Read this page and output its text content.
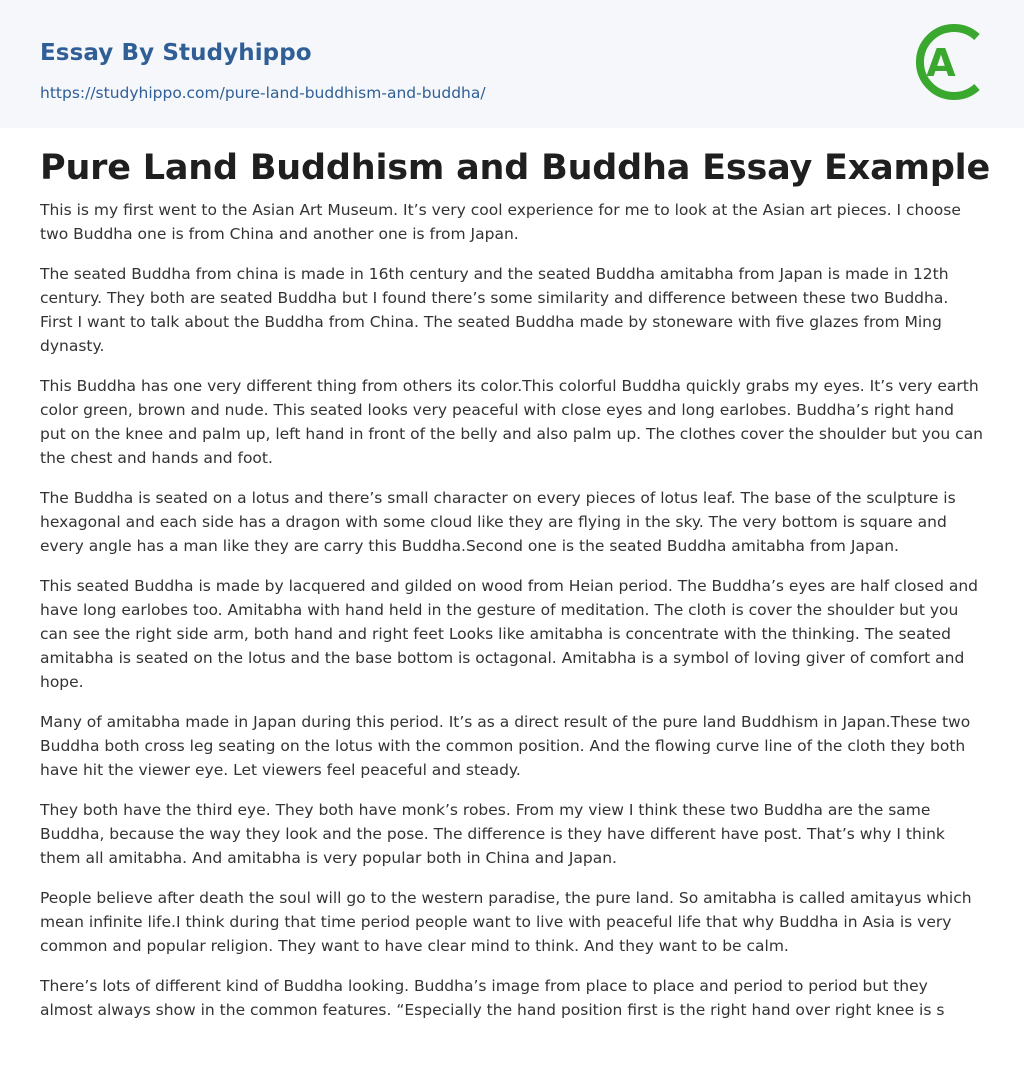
Essay By Studyhippo
https://studyhippo.com/pure-land-buddhism-and-buddha/
A
Pure Land Buddhism and Buddha Essay Example

This is my first went to the Asian Art Museum. It’s very cool experience for me to look at the Asian art pieces. I choose two Buddha one is from China and another one is from Japan.

The seated Buddha from china is made in 16th century and the seated Buddha amitabha from Japan is made in 12th century. They both are seated Buddha but I found there’s some similarity and difference between these two Buddha. First I want to talk about the Buddha from China. The seated Buddha made by stoneware with five glazes from Ming dynasty.

This Buddha has one very different thing from others its color.This colorful Buddha quickly grabs my eyes. It’s very earth color green, brown and nude. This seated looks very peaceful with close eyes and long earlobes. Buddha’s right hand put on the knee and palm up, left hand in front of the belly and also palm up. The clothes cover the shoulder but you can the chest and hands and foot.

The Buddha is seated on a lotus and there’s small character on every pieces of lotus leaf. The base of the sculpture is hexagonal and each side has a dragon with some cloud like they are flying in the sky. The very bottom is square and every angle has a man like they are carry this Buddha.Second one is the seated Buddha amitabha from Japan.

This seated Buddha is made by lacquered and gilded on wood from Heian period. The Buddha’s eyes are half closed and have long earlobes too. Amitabha with hand held in the gesture of meditation. The cloth is cover the shoulder but you can see the right side arm, both hand and right feet Looks like amitabha is concentrate with the thinking. The seated amitabha is seated on the lotus and the base bottom is octagonal. Amitabha is a symbol of loving giver of comfort and hope.

Many of amitabha made in Japan during this period. It’s as a direct result of the pure land Buddhism in Japan.These two Buddha both cross leg seating on the lotus with the common position. And the flowing curve line of the cloth they both have hit the viewer eye. Let viewers feel peaceful and steady.

They both have the third eye. They both have monk’s robes. From my view I think these two Buddha are the same Buddha, because the way they look and the pose. The difference is they have different have post. That’s why I think them all amitabha. And amitabha is very popular both in China and Japan.

People believe after death the soul will go to the western paradise, the pure land. So amitabha is called amitayus which mean infinite life.I think during that time period people want to live with peaceful life that why Buddha in Asia is very common and popular religion. They want to have clear mind to think. And they want to be calm.

There’s lots of different kind of Buddha looking. Buddha’s image from place to place and period to period but they almost always show in the common features. “Especially the hand position first is the right hand over right knee is s
